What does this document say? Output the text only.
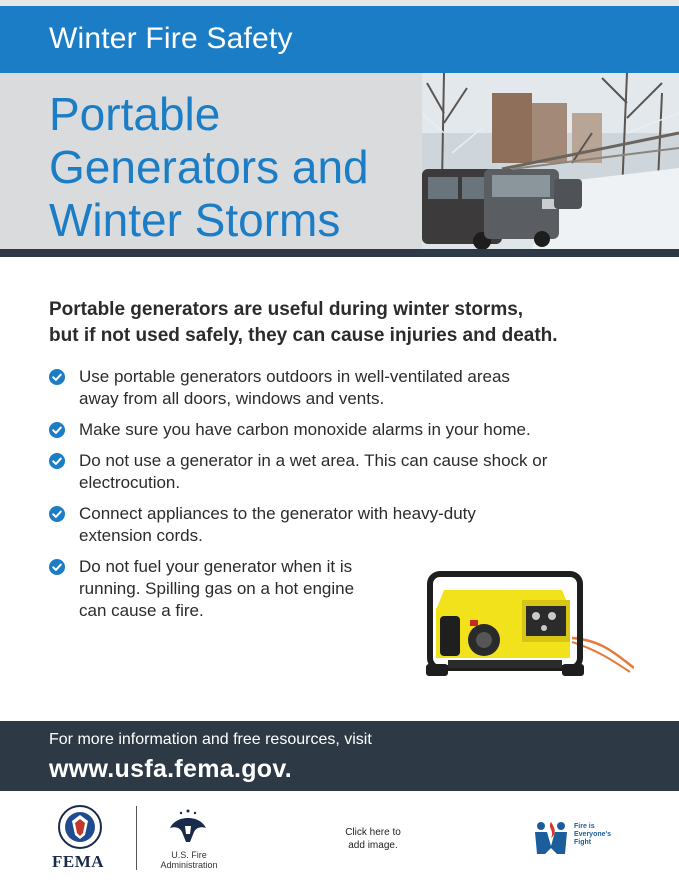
Winter Fire Safety
Portable
Generators and
Winter Storms
Portable generators are useful during winter storms,
but if not used safely, they can cause injuries and death.
Use portable generators outdoors in well-ventilated areas
away from all doors, windows and vents.
Make sure you have carbon monoxide alarms in your home.
Do not use a generator in a wet area. This can cause shock or
electrocution.
Connect appliances to the generator with heavy-duty
extension cords.
Do not fuel your generator when it is
running. Spilling gas on a hot engine
can cause a fire.
For more information and free resources, visit
www.usfa.fema.gov.
FEMA	U.S. Fire
Administration
Click here to
add image.
Fire is
Everyone's
Fight
